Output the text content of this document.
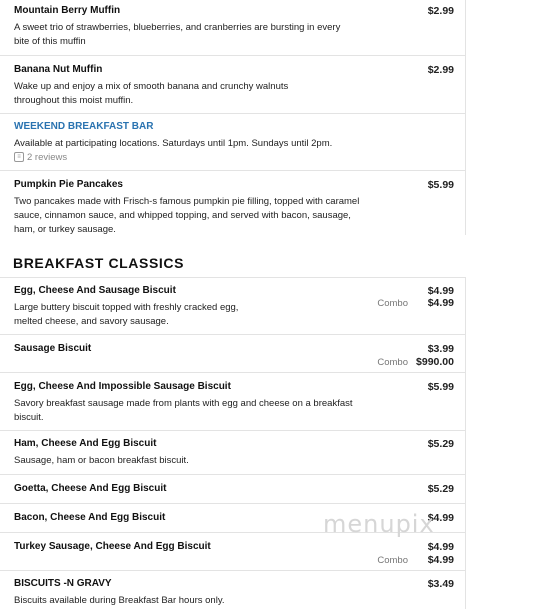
Mountain Berry Muffin	$2.99
A sweet trio of strawberries, blueberries, and cranberries are bursting in every bite of this muffin
Banana Nut Muffin	$2.99
Wake up and enjoy a mix of smooth banana and crunchy walnuts throughout this moist muffin.
WEEKEND BREAKFAST BAR
Available at participating locations. Saturdays until 1pm. Sundays until 2pm.
≡ 2 reviews
Pumpkin Pie Pancakes	$5.99
Two pancakes made with Frisch-s famous pumpkin pie filling, topped with caramel sauce, cinnamon sauce, and whipped topping, and served with bacon, sausage, ham, or turkey sausage.
BREAKFAST CLASSICS
Egg, Cheese And Sausage Biscuit	$4.99
Combo $4.99
Large buttery biscuit topped with freshly cracked egg, melted cheese, and savory sausage.
Sausage Biscuit	$3.99
Combo $990.00
Egg, Cheese And Impossible Sausage Biscuit	$5.99
Savory breakfast sausage made from plants with egg and cheese on a breakfast biscuit.
Ham, Cheese And Egg Biscuit	$5.29
Sausage, ham or bacon breakfast biscuit.
Goetta, Cheese And Egg Biscuit	$5.29
Bacon, Cheese And Egg Biscuit	$4.99
Turkey Sausage, Cheese And Egg Biscuit	$4.99
Combo $4.99
BISCUITS -N GRAVY	$3.49
Biscuits available during Breakfast Bar hours only.
menupix
